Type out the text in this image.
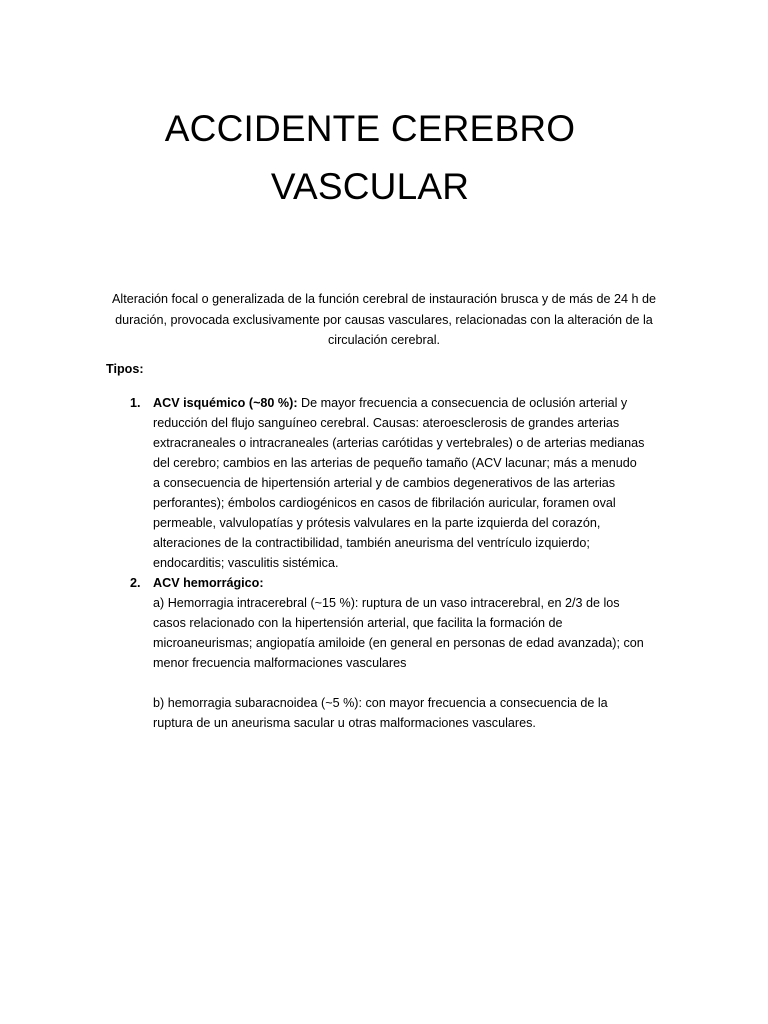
ACCIDENTE CEREBRO
VASCULAR

Alteración focal o generalizada de la función cerebral de instauración brusca y de más de 24 h de duración, provocada exclusivamente por causas vasculares, relacionadas con la alteración de la circulación cerebral.

Tipos:

1. ACV isquémico (~80 %): De mayor frecuencia a consecuencia de oclusión arterial y reducción del flujo sanguíneo cerebral. Causas: ateroesclerosis de grandes arterias extracraneales o intracraneales (arterias carótidas y vertebrales) o de arterias medianas del cerebro; cambios en las arterias de pequeño tamaño (ACV lacunar; más a menudo a consecuencia de hipertensión arterial y de cambios degenerativos de las arterias perforantes); émbolos cardiogénicos en casos de fibrilación auricular, foramen oval permeable, valvulopatías y prótesis valvulares en la parte izquierda del corazón, alteraciones de la contractibilidad, también aneurisma del ventrículo izquierdo; endocarditis; vasculitis sistémica.
2. ACV hemorrágico:
a) Hemorragia intracerebral (~15 %): ruptura de un vaso intracerebral, en 2/3 de los casos relacionado con la hipertensión arterial, que facilita la formación de microaneurismas; angiopatía amiloide (en general en personas de edad avanzada); con menor frecuencia malformaciones vasculares
b) hemorragia subaracnoidea (~5 %): con mayor frecuencia a consecuencia de la ruptura de un aneurisma sacular u otras malformaciones vasculares.
